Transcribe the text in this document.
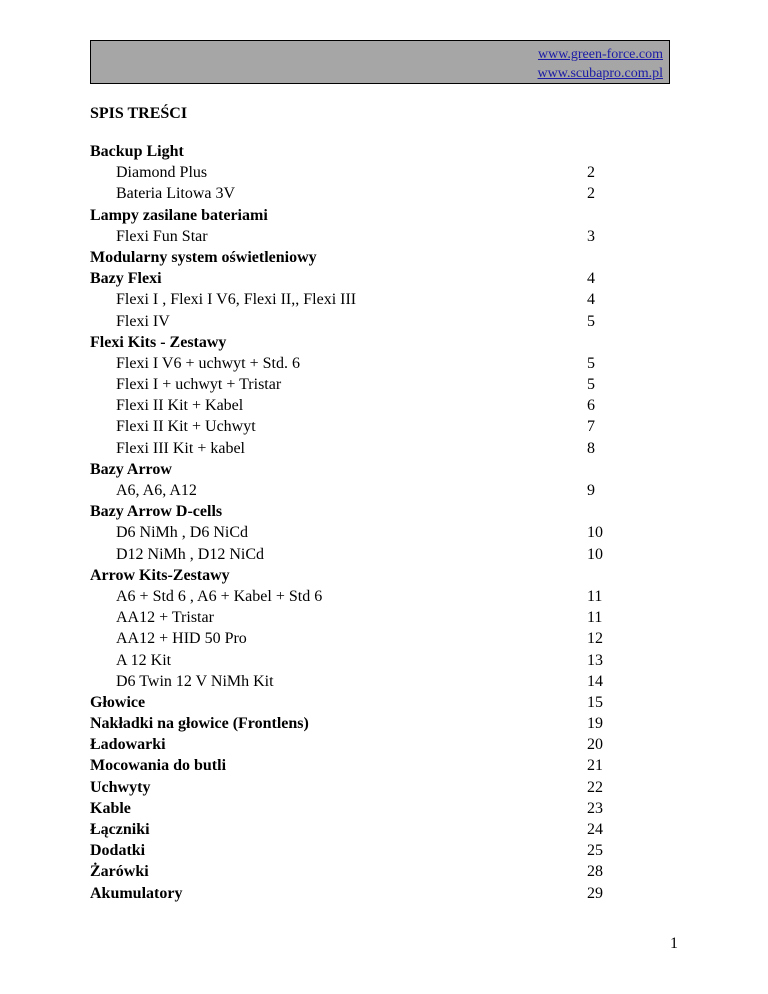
www.green-force.com
www.scubapro.com.pl
SPIS TREŚCI
Backup Light
Diamond Plus	2
Bateria Litowa 3V	2
Lampy zasilane bateriami
Flexi Fun Star	3
Modularny system oświetleniowy
Bazy Flexi	4
Flexi I , Flexi I V6, Flexi II,, Flexi III	4
Flexi IV	5
Flexi Kits - Zestawy
Flexi I V6 + uchwyt + Std. 6	5
Flexi I + uchwyt + Tristar	5
Flexi II Kit + Kabel	6
Flexi II Kit + Uchwyt	7
Flexi III Kit + kabel	8
Bazy Arrow
A6, A6, A12	9
Bazy Arrow D-cells
D6 NiMh , D6 NiCd	10
D12 NiMh , D12 NiCd	10
Arrow Kits-Zestawy
A6 + Std 6 , A6 + Kabel + Std 6	11
AA12 + Tristar	11
AA12 + HID 50 Pro	12
A 12 Kit	13
D6 Twin 12 V NiMh Kit	14
Głowice	15
Nakładki na głowice (Frontlens)	19
Ładowarki	20
Mocowania do butli	21
Uchwyty	22
Kable	23
Łączniki	24
Dodatki	25
Żarówki	28
Akumulatory	29
1
